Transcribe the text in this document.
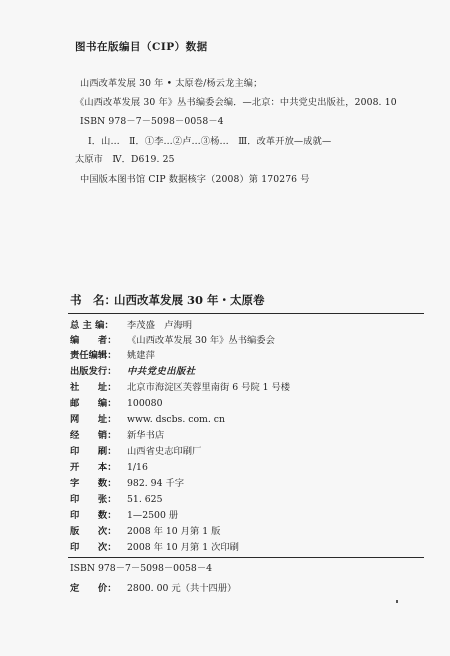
图书在版编目（CIP）数据
山西改革发展 30 年 • 太原卷/杨云龙主编；
《山西改革发展 30 年》丛书编委会编．—北京：中共党史出版社，2008. 10
ISBN 978－7－5098－0058－4
Ⅰ．山…　Ⅱ．①李…②卢…③杨…　Ⅲ．改革开放—成就—
太原市　Ⅳ．D619. 25
中国版本图书馆 CIP 数据核字（2008）第 170276 号
书　名：山西改革发展 30 年・太原卷
总 主 编：	李茂盛　卢海明
编　　者：	《山西改革发展 30 年》丛书编委会
责任编辑：	姚建萍
出版发行：	中共党史出版社
社　　址：	北京市海淀区芙蓉里南街 6 号院 1 号楼
邮　　编：	100080
网　　址：	www. dscbs. com. cn
经　　销：	新华书店
印　　刷：	山西省史志印刷厂
开　　本：	1/16
字　　数：	982. 94 千字
印　　张：	51. 625
印　　数：	1—2500 册
版　　次：	2008 年 10 月第 1 版
印　　次：	2008 年 10 月第 1 次印刷
ISBN 978－7－5098－0058－4
定　　价： 2800. 00 元（共十四册）
